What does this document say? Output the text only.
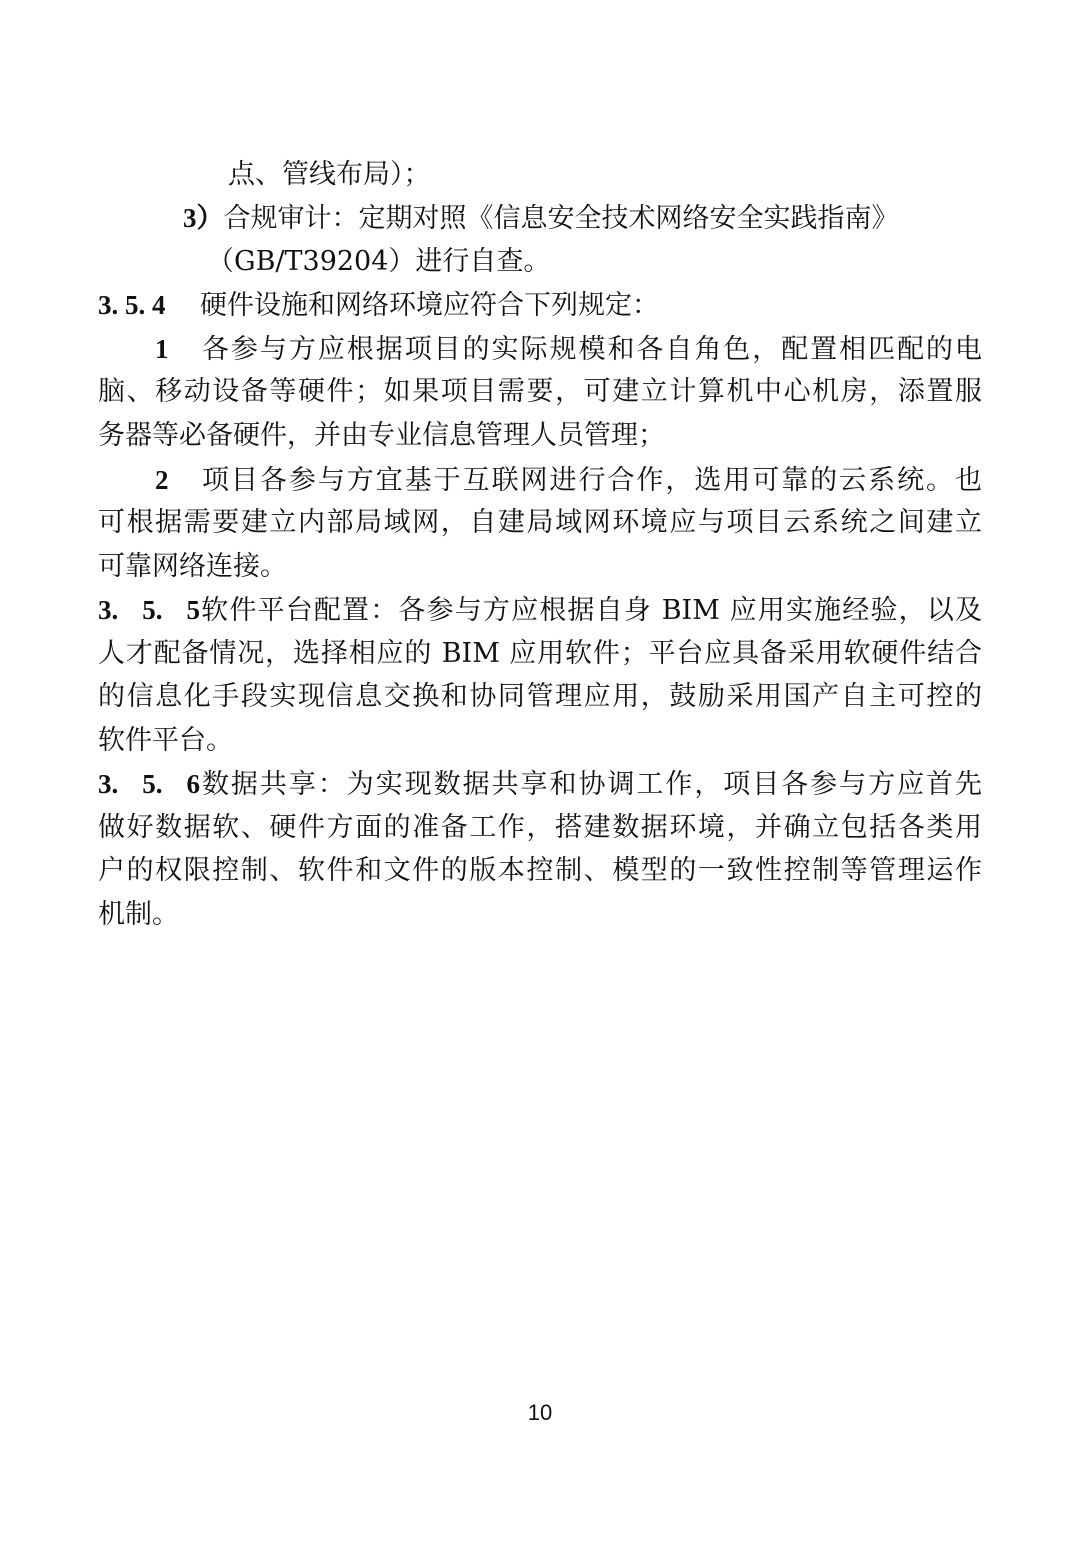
点、管线布局）；
3）合规审计：定期对照《信息安全技术网络安全实践指南》
（GB/T39204）进行自查。
3. 5. 4 硬件设施和网络环境应符合下列规定：
1 各参与方应根据项目的实际规模和各自角色，配置相匹配的电
脑、移动设备等硬件；如果项目需要，可建立计算机中心机房，添置服
务器等必备硬件，并由专业信息管理人员管理；
2 项目各参与方宜基于互联网进行合作，选用可靠的云系统。也
可根据需要建立内部局域网，自建局域网环境应与项目云系统之间建立
可靠网络连接。
3. 5. 5软件平台配置：各参与方应根据自身 BIM 应用实施经验，以及
人才配备情况，选择相应的 BIM 应用软件；平台应具备采用软硬件结合
的信息化手段实现信息交换和协同管理应用，鼓励采用国产自主可控的
软件平台。
3. 5. 6数据共享：为实现数据共享和协调工作，项目各参与方应首先
做好数据软、硬件方面的准备工作，搭建数据环境，并确立包括各类用
户的权限控制、软件和文件的版本控制、模型的一致性控制等管理运作
机制。
10
